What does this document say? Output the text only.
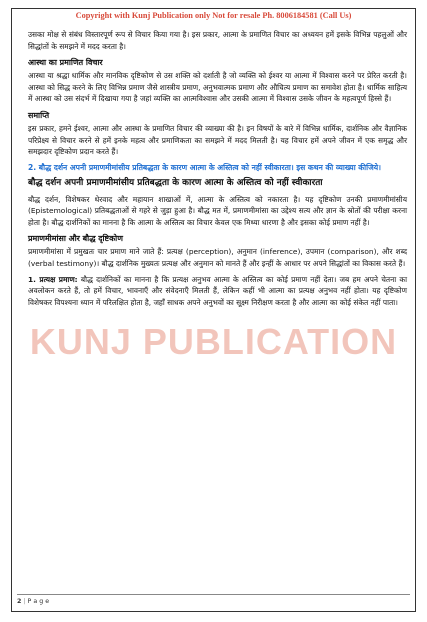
Copyright with Kunj Publication only Not for resale Ph. 8006184581 (Call Us)

उसका मोक्ष से संबंध विस्तारपूर्ण रूप से विचार किया गया है। इस प्रकार, आत्मा के प्रमाणित विचार का अध्ययन हमें इसके विभिन्न पहलुओं और सिद्धांतों के समझने में मदद करता है।

आस्था का प्रमाणित विचार

आस्था या श्रद्धा धार्मिक और मानविक दृष्टिकोण से उस शक्ति को दर्शाती है जो व्यक्ति को ईश्वर या आत्मा में विश्वास करने पर प्रेरित करती है। आस्था को सिद्ध करने के लिए विभिन्न प्रमाण जैसे शास्त्रीय प्रमाण, अनुभवात्मक प्रमाण और औचित्य प्रमाण का समावेश होता है। धार्मिक साहित्य में आस्था को उस संदर्भ में दिखाया गया है जहां व्यक्ति का आत्मविश्वास और उसकी आत्मा में विश्वास उसके जीवन के महत्वपूर्ण हिस्से हैं।

समाप्ति

इस प्रकार, हमने ईश्वर, आत्मा और आस्था के प्रमाणित विचार की व्याख्या की है। इन विषयों के बारे में विभिन्न धार्मिक, दार्शनिक और वैज्ञानिक परिप्रेक्ष्य से विचार करने से हमें इनके महत्व और प्रमाणिकता का समझने में मदद मिलती है। यह विचार हमें अपने जीवन में एक समृद्ध और समझदार दृष्टिकोण प्रदान करते हैं।

2. बौद्ध दर्शन अपनी प्रमाणमीमांसीय प्रतिबद्धता के कारण आत्मा के अस्तित्व को नहीं स्वीकारता। इस कथन की व्याख्या कीजिये।

बौद्ध दर्शन अपनी प्रमाणमीमांसीय प्रतिबद्धता के कारण आत्मा के अस्तित्व को नहीं स्वीकारता

बौद्ध दर्शन, विशेषकर थेरवाद और महायान शाखाओं में, आत्मा के अस्तित्व को नकारता है। यह दृष्टिकोण उनकी प्रमाणमीमांसीय (Epistemological) प्रतिबद्धताओं से गहरे से जुड़ा हुआ है। बौद्ध मत में, प्रमाणमीमांसा का उद्देश्य सत्य और ज्ञान के स्रोतों की परीक्षा करना होता है। बौद्ध दार्शनिकों का मानना है कि आत्मा के अस्तित्व का विचार केवल एक मिथ्या धारणा है और इसका कोई प्रमाण नहीं है।

प्रमाणमीमांसा और बौद्ध दृष्टिकोण

प्रमाणमीमांसा में प्रमुखतः चार प्रमाण माने जाते हैं: प्रत्यक्ष (perception), अनुमान (inference), उपमान (comparison), और शब्द (verbal testimony)। बौद्ध दार्शनिक मुख्यतः प्रत्यक्ष और अनुमान को मानते हैं और इन्हीं के आधार पर अपने सिद्धांतों का विकास करते हैं।

1. प्रत्यक्ष प्रमाण: बौद्ध दार्शनिकों का मानना है कि प्रत्यक्ष अनुभव आत्मा के अस्तित्व का कोई प्रमाण नहीं देता। जब हम अपने चेतना का अवलोकन करते हैं, तो हमें विचार, भावनाएँ और संवेदनाएँ मिलती हैं, लेकिन कहीं भी आत्मा का प्रत्यक्ष अनुभव नहीं होता। यह दृष्टिकोण विशेषकर विपश्यना ध्यान में परिलक्षित होता है, जहाँ साधक अपने अनुभवों का सूक्ष्म निरीक्षण करता है और आत्मा का कोई संकेत नहीं पाता।

KUNJ PUBLICATION
2 | P a g e
